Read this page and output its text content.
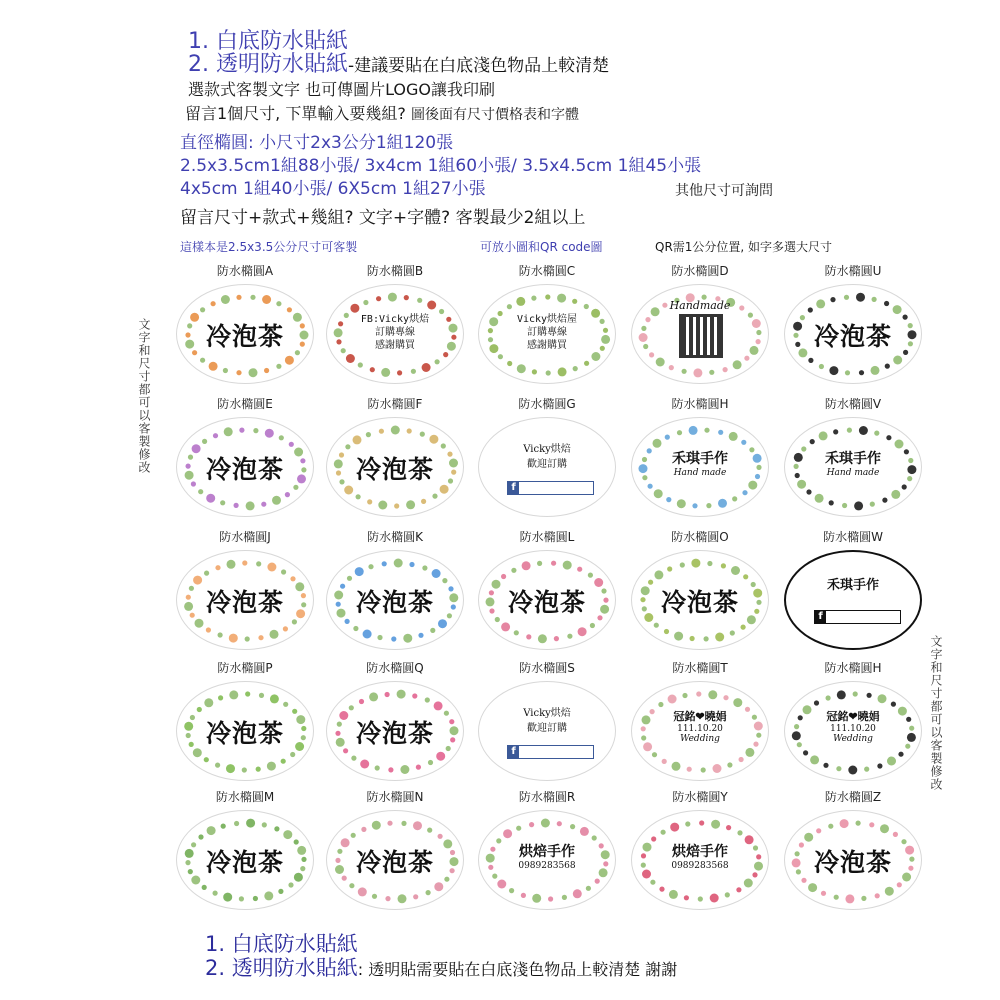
1. 白底防水貼紙
2. 透明防水貼紙-建議要貼在白底淺色物品上較清楚
選款式客製文字 也可傳圖片LOGO讓我印刷
留言1個尺寸, 下單輸入要幾組? 圖後面有尺寸價格表和字體
直徑橢圓: 小尺寸2x3公分1組120張
2.5x3.5cm1組88小張/ 3x4cm 1組60小張/ 3.5x4.5cm 1組45小張
4x5cm 1組40小張/ 6X5cm 1組27小張	其他尺寸可詢問
留言尺寸+款式+幾組? 文字+字體? 客製最少2組以上
這樣本是2.5x3.5公分尺寸可客製	可放小圖和QR code圖	QR需1公分位置, 如字多選大尺寸
文字和尺寸都可以客製修改
文字和尺寸都可以客製修改
防水橢圓A
冷泡茶
防水橢圓B
FB:Vicky烘焙
訂購專線
感謝購買
防水橢圓C
Vicky烘焙屋
訂購專線
感謝購買
防水橢圓D
Handmade
防水橢圓U
冷泡茶
防水橢圓E
冷泡茶
防水橢圓F
冷泡茶
防水橢圓G
Vicky烘焙
歡迎訂購
f
防水橢圓H
禾琪手作
Hand made
防水橢圓V
禾琪手作
Hand made
防水橢圓J
冷泡茶
防水橢圓K
冷泡茶
防水橢圓L
冷泡茶
防水橢圓O
冷泡茶
防水橢圓W
禾琪手作
f
防水橢圓P
冷泡茶
防水橢圓Q
冷泡茶
防水橢圓S
Vicky烘焙
歡迎訂購
f
防水橢圓T
冠銘❤曉娟
111.10.20
Wedding
防水橢圓H
冠銘❤曉娟
111.10.20
Wedding
防水橢圓M
冷泡茶
防水橢圓N
冷泡茶
防水橢圓R
烘焙手作
0989283568
防水橢圓Y
烘焙手作
0989283568
防水橢圓Z
冷泡茶
1. 白底防水貼紙
2. 透明防水貼紙: 透明貼需要貼在白底淺色物品上較清楚 謝謝
